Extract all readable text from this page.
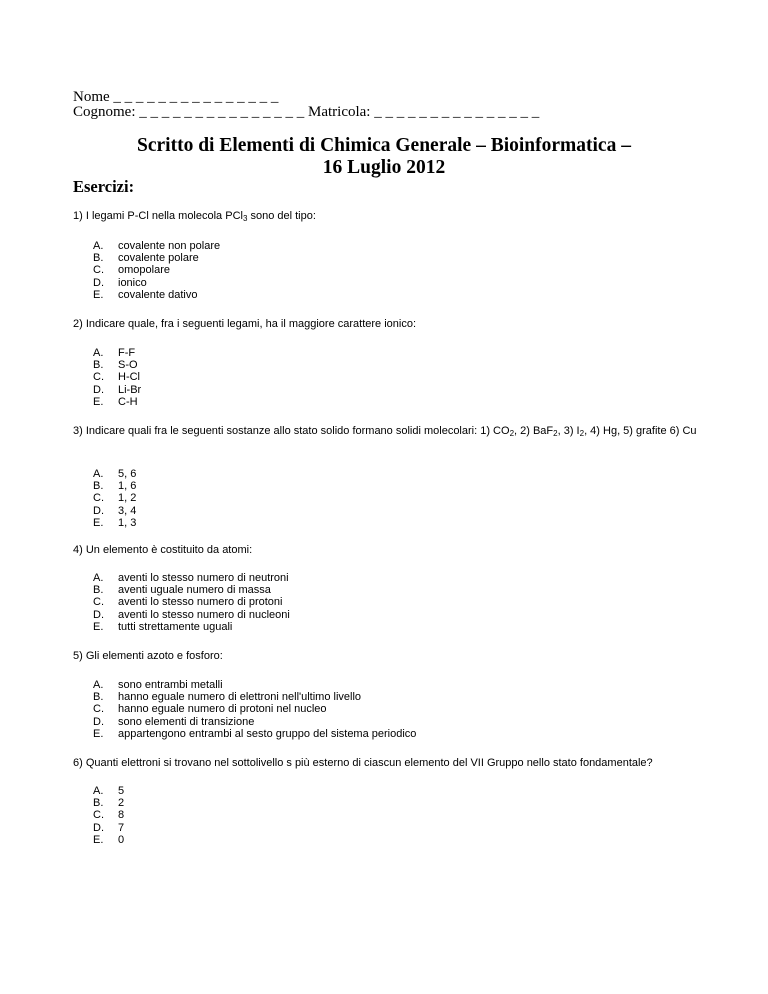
Nome _ _ _ _ _ _ _ _ _ _ _ _ _ _ _
Cognome: _ _ _ _ _ _ _ _ _ _ _ _ _ _ _ Matricola: _ _ _ _ _ _ _ _ _ _ _ _ _ _ _
Scritto di Elementi di Chimica Generale – Bioinformatica –
16 Luglio 2012
Esercizi:
1) I legami P-Cl nella molecola PCl$_3$ sono del tipo:
A. covalente non polare
B. covalente polare
C. omopolare
D. ionico
E. covalente dativo
2) Indicare quale, fra i seguenti legami, ha il maggiore carattere ionico:
A. F-F
B. S-O
C. H-Cl
D. Li-Br
E. C-H
3) Indicare quali fra le seguenti sostanze allo stato solido formano solidi molecolari: 1) $CO_2$, 2) BaF$_2$, 3) $I_2$, 4) Hg, 5) grafite 6) Cu
A. 5, 6
B. 1, 6
C. 1, 2
D. 3, 4
E. 1, 3
4) Un elemento è costituito da atomi:
A. aventi lo stesso numero di neutroni
B. aventi uguale numero di massa
C. aventi lo stesso numero di protoni
D. aventi lo stesso numero di nucleoni
E. tutti strettamente uguali
5) Gli elementi azoto e fosforo:
A. sono entrambi metalli
B. hanno eguale numero di elettroni nell'ultimo livello
C. hanno eguale numero di protoni nel nucleo
D. sono elementi di transizione
E. appartengono entrambi al sesto gruppo del sistema periodico
6) Quanti elettroni si trovano nel sottolivello s più esterno di ciascun elemento del VII Gruppo nello stato fondamentale?
A. 5
B. 2
C. 8
D. 7
E. 0
